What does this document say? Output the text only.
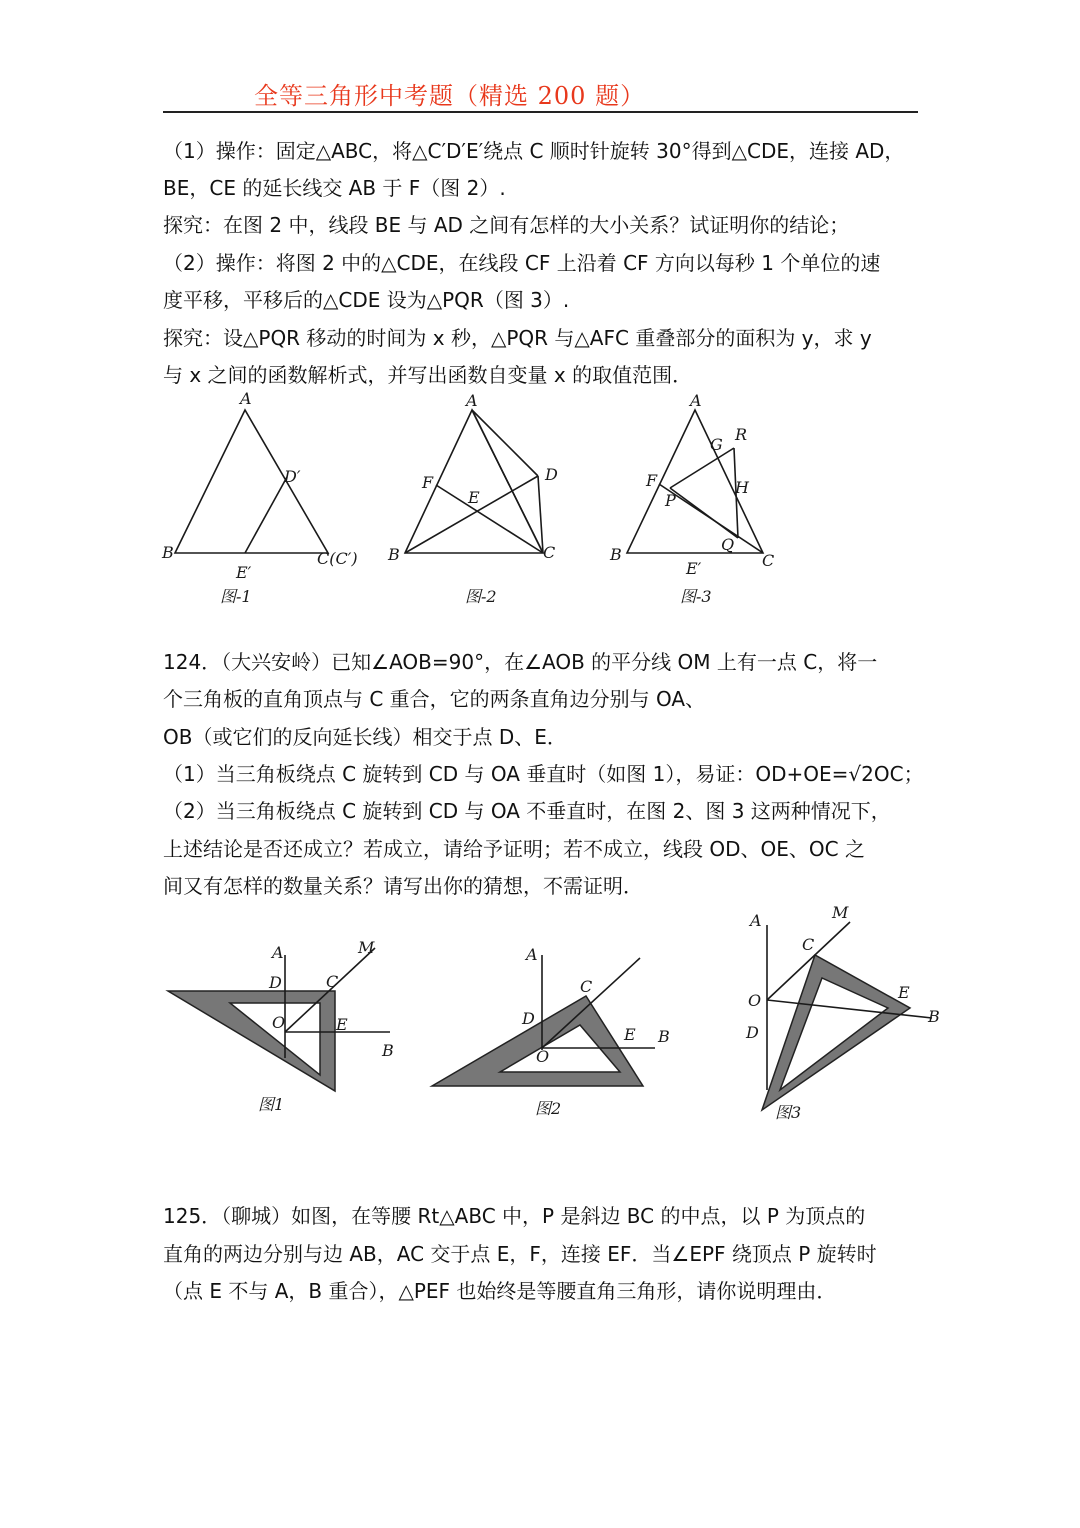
全等三角形中考题（精选 200 题）
（1）操作：固定△ABC，将△C′D′E′绕点 C 顺时针旋转 30°得到△CDE，连接 AD，
BE，CE 的延长线交 AB 于 F（图 2）.
探究：在图 2 中，线段 BE 与 AD 之间有怎样的大小关系？试证明你的结论；
（2）操作：将图 2 中的△CDE，在线段 CF 上沿着 CF 方向以每秒 1 个单位的速
度平移，平移后的△CDE 设为△PQR（图 3）.
探究：设△PQR 移动的时间为 x 秒，△PQR 与△AFC 重叠部分的面积为 y，求 y
与 x 之间的函数解析式，并写出函数自变量 x 的取值范围．
A
B	C(C′)
D′
E′
图-1
A
B	C
D
E
F
图-2
A
B	C
E′
F
G
R
H
P
Q
图-3
124．（大兴安岭）已知∠AOB=90°，在∠AOB 的平分线 OM 上有一点 C，将一
个三角板的直角顶点与 C 重合，它的两条直角边分别与 OA、
OB（或它们的反向延长线）相交于点 D、E．
（1）当三角板绕点 C 旋转到 CD 与 OA 垂直时（如图 1），易证：OD+OE=√2OC；
（2）当三角板绕点 C 旋转到 CD 与 OA 不垂直时，在图 2、图 3 这两种情况下，
上述结论是否还成立？若成立，请给予证明；若不成立，线段 OD、OE、OC 之
间又有怎样的数量关系？请写出你的猜想，不需证明．
A
B
C
D
E
O
M
图1
A
B
C
D
E
O
图2
A
B
C
D
E
O
M
图3
125．（聊城）如图，在等腰 Rt△ABC 中，P 是斜边 BC 的中点，以 P 为顶点的
直角的两边分别与边 AB，AC 交于点 E，F，连接 EF．当∠EPF 绕顶点 P 旋转时
（点 E 不与 A，B 重合），△PEF 也始终是等腰直角三角形，请你说明理由．
